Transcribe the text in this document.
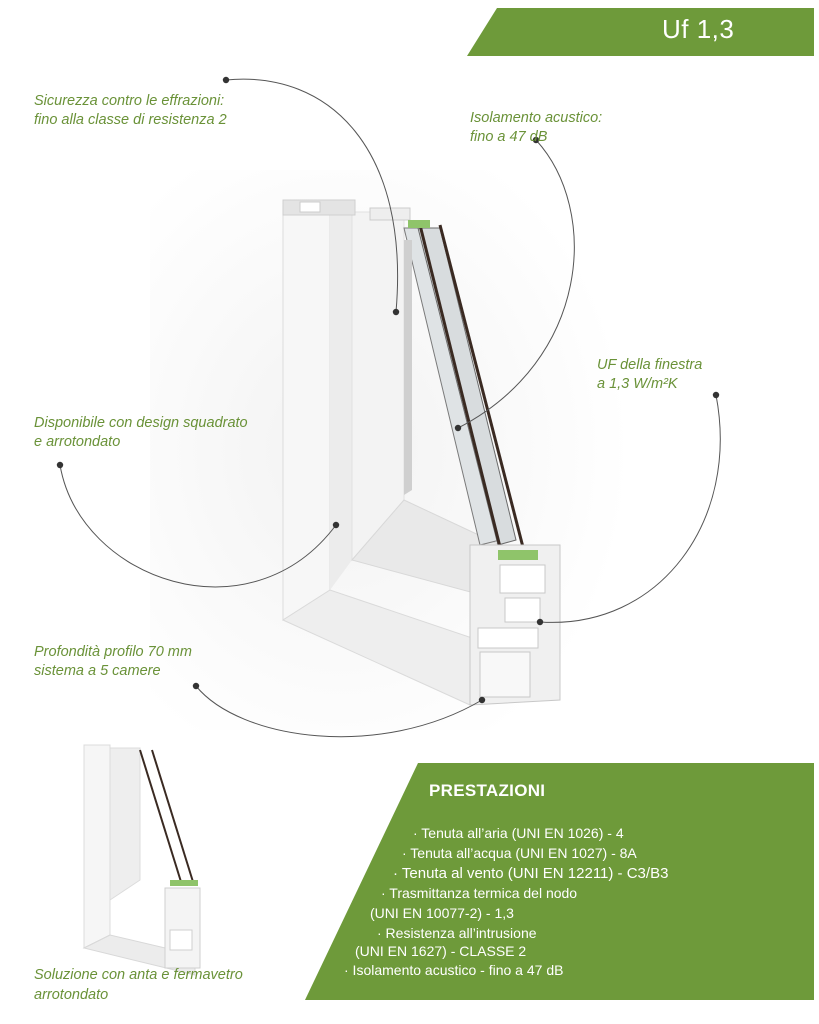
Uf 1,3
Sicurezza contro le effrazioni:
fino alla classe di resistenza 2	Isolamento acustico:
fino a 47 dB
UF della finestra
a 1,3 W/m²K
Disponibile con design squadrato
e arrotondato
Profondità profilo 70 mm
sistema a 5 camere
PRESTAZIONI
· Tenuta all’aria (UNI EN 1026) - 4
· Tenuta all’acqua (UNI EN 1027) - 8A
· Tenuta al vento (UNI EN 12211) - C3/B3
· Trasmittanza termica del nodo
(UNI EN 10077-2) - 1,3
· Resistenza all’intrusione
(UNI EN 1627) - CLASSE 2
· Isolamento acustico - fino a 47 dB
Soluzione con anta e fermavetro
arrotondato
